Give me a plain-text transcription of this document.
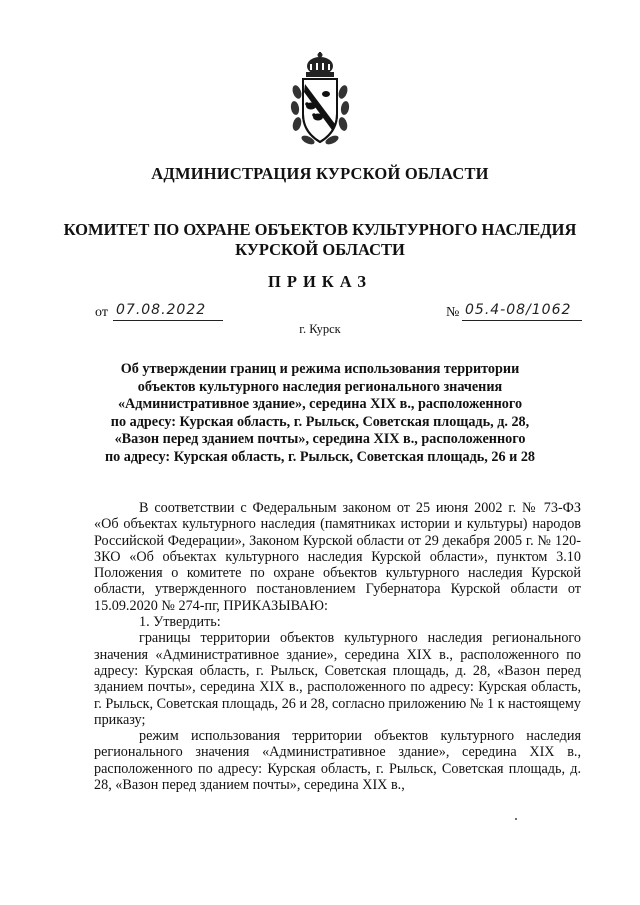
АДМИНИСТРАЦИЯ КУРСКОЙ ОБЛАСТИ
КОМИТЕТ ПО ОХРАНЕ ОБЪЕКТОВ КУЛЬТУРНОГО НАСЛЕДИЯ
КУРСКОЙ ОБЛАСТИ
ПРИКАЗ
от 07.08.2022	№ 05.4-08/1062
г. Курск
Об утверждении границ и режима использования территории
объектов культурного наследия регионального значения
«Административное здание», середина XIX в., расположенного
по адресу: Курская область, г. Рыльск, Советская площадь, д. 28,
«Вазон перед зданием почты», середина XIX в., расположенного
по адресу: Курская область, г. Рыльск, Советская площадь, 26 и 28

В соответствии с Федеральным законом от 25 июня 2002 г. № 73-ФЗ «Об объектах культурного наследия (памятниках истории и культуры) народов Российской Федерации», Законом Курской области от 29 декабря 2005 г. № 120-ЗКО «Об объектах культурного наследия Курской области», пунктом 3.10 Положения о комитете по охране объектов культурного наследия Курской области, утвержденного постановлением Губернатора Курской области от 15.09.2020 № 274-пг, ПРИКАЗЫВАЮ:

1. Утвердить:

границы территории объектов культурного наследия регионального значения «Административное здание», середина XIX в., расположенного по адресу: Курская область, г. Рыльск, Советская площадь, д. 28, «Вазон перед зданием почты», середина XIX в., расположенного по адресу: Курская область, г. Рыльск, Советская площадь, 26 и 28, согласно приложению № 1 к настоящему приказу;

режим использования территории объектов культурного наследия регионального значения «Административное здание», середина XIX в., расположенного по адресу: Курская область, г. Рыльск, Советская площадь, д. 28, «Вазон перед зданием почты», середина XIX в.,
